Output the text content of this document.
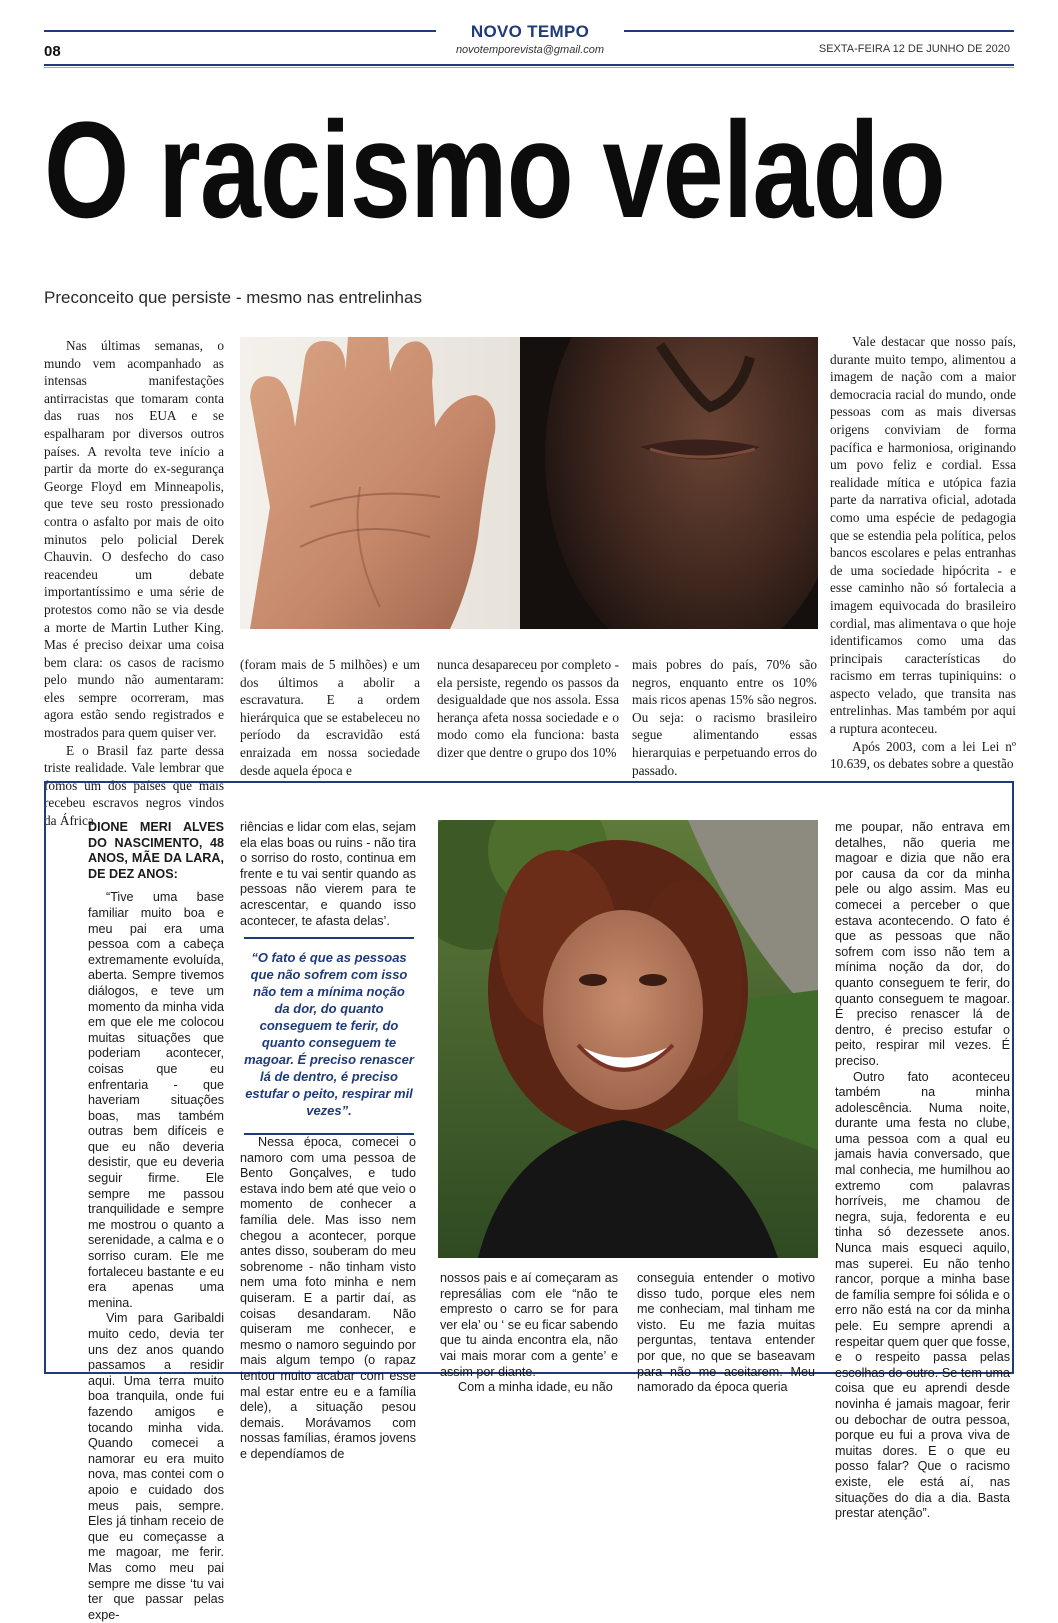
NOVO TEMPO
novotemporevista@gmail.com
08	SEXTA-FEIRA 12 DE JUNHO DE 2020
O racismo velado
Preconceito que persiste - mesmo nas entrelinhas

Nas últimas semanas, o mundo vem acompanhado as intensas manifestações antirracistas que tomaram conta das ruas nos EUA e se espalharam por diversos outros países. A revolta teve início a partir da morte do ex-segurança George Floyd em Minneapolis, que teve seu rosto pressionado contra o asfalto por mais de oito minutos pelo policial Derek Chauvin. O desfecho do caso reacendeu um debate importantíssimo e uma série de protestos como não se via desde a morte de Martin Luther King. Mas é preciso deixar uma coisa bem clara: os casos de racismo pelo mundo não aumentaram: eles sempre ocorreram, mas agora estão sendo registrados e mostrados para quem quiser ver.

E o Brasil faz parte dessa triste realidade. Vale lembrar que fomos um dos países que mais recebeu escravos negros vindos da África

(foram mais de 5 milhões) e um dos últimos a abolir a escravatura. E a ordem hierárquica que se estabeleceu no período da escravidão está enraizada em nossa sociedade desde aquela época e

nunca desapareceu por completo - ela persiste, regendo os passos da desigualdade que nos assola. Essa herança afeta nossa sociedade e o modo como ela funciona: basta dizer que dentre o grupo dos 10%

mais pobres do país, 70% são negros, enquanto entre os 10% mais ricos apenas 15% são negros. Ou seja: o racismo brasileiro segue alimentando essas hierarquias e perpetuando erros do passado.

Vale destacar que nosso país, durante muito tempo, alimentou a imagem de nação com a maior democracia racial do mundo, onde pessoas com as mais diversas origens conviviam de forma pacífica e harmoniosa, originando um povo feliz e cordial. Essa realidade mítica e utópica fazia parte da narrativa oficial, adotada como uma espécie de pedagogia que se estendia pela política, pelos bancos escolares e pelas entranhas de uma sociedade hipócrita - e esse caminho não só fortalecia a imagem equivocada do brasileiro cordial, mas alimentava o que hoje identificamos como uma das principais características do racismo em terras tupiniquins: o aspecto velado, que transita nas entrelinhas. Mas também por aqui a ruptura aconteceu.

Após 2003, com a lei Lei nº 10.639, os debates sobre a questão

DIONE MERI ALVES DO NASCIMENTO, 48 ANOS, MÃE DA LARA, DE DEZ ANOS:

“Tive uma base familiar muito boa e meu pai era uma pessoa com a cabeça extremamente evoluída, aberta. Sempre tivemos diálogos, e teve um momento da minha vida em que ele me colocou muitas situações que poderiam acontecer, coisas que eu enfrentaria - que haveriam situações boas, mas também outras bem difíceis e que eu não deveria desistir, que eu deveria seguir firme. Ele sempre me passou tranquilidade e sempre me mostrou o quanto a serenidade, a calma e o sorriso curam. Ele me fortaleceu bastante e eu era apenas uma menina.

Vim para Garibaldi muito cedo, devia ter uns dez anos quando passamos a residir aqui. Uma terra muito boa tranquila, onde fui fazendo amigos e tocando minha vida. Quando comecei a namorar eu era muito nova, mas contei com o apoio e cuidado dos meus pais, sempre. Eles já tinham receio de que eu começasse a me magoar, me ferir. Mas como meu pai sempre me disse ‘tu vai ter que passar pelas expe-

riências e lidar com elas, sejam ela elas boas ou ruins - não tira o sorriso do rosto, continua em frente e tu vai sentir quando as pessoas não vierem para te acrescentar, e quando isso acontecer, te afasta delas’.

“O fato é que as pessoas que não sofrem com isso não tem a mínima noção da dor, do quanto conseguem te ferir, do quanto conseguem te magoar. É preciso renascer lá de dentro, é preciso estufar o peito, respirar mil vezes”.

Nessa época, comecei o namoro com uma pessoa de Bento Gonçalves, e tudo estava indo bem até que veio o momento de conhecer a família dele. Mas isso nem chegou a acontecer, porque antes disso, souberam do meu sobrenome - não tinham visto nem uma foto minha e nem quiseram. E a partir daí, as coisas desandaram. Não quiseram me conhecer, e mesmo o namoro seguindo por mais algum tempo (o rapaz tentou muito acabar com esse mal estar entre eu e a família dele), a situação pesou demais. Morávamos com nossas famílias, éramos jovens e dependíamos de

nossos pais e aí começaram as represálias com ele “não te empresto o carro se for para ver ela’ ou ‘ se eu ficar sabendo que tu ainda encontra ela, não vai mais morar com a gente’ e assim por diante.

Com a minha idade, eu não

conseguia entender o motivo disso tudo, porque eles nem me conheciam, mal tinham me visto. Eu me fazia muitas perguntas, tentava entender por que, no que se baseavam para não me aceitarem. Meu namorado da época queria

me poupar, não entrava em detalhes, não queria me magoar e dizia que não era por causa da cor da minha pele ou algo assim. Mas eu comecei a perceber o que estava acontecendo. O fato é que as pessoas que não sofrem com isso não tem a mínima noção da dor, do quanto conseguem te ferir, do quanto conseguem te magoar. É preciso renascer lá de dentro, é preciso estufar o peito, respirar mil vezes. É preciso.

Outro fato aconteceu também na minha adolescência. Numa noite, durante uma festa no clube, uma pessoa com a qual eu jamais havia conversado, que mal conhecia, me humilhou ao extremo com palavras horríveis, me chamou de negra, suja, fedorenta e eu tinha só dezessete anos. Nunca mais esqueci aquilo, mas superei. Eu não tenho rancor, porque a minha base de família sempre foi sólida e o erro não está na cor da minha pele. Eu sempre aprendi a respeitar quem quer que fosse, e o respeito passa pelas escolhas do outro. Se tem uma coisa que eu aprendi desde novinha é jamais magoar, ferir ou debochar de outra pessoa, porque eu fui a prova viva de muitas dores. E o que eu posso falar? Que o racismo existe, ele está aí, nas situações do dia a dia. Basta prestar atenção”.
